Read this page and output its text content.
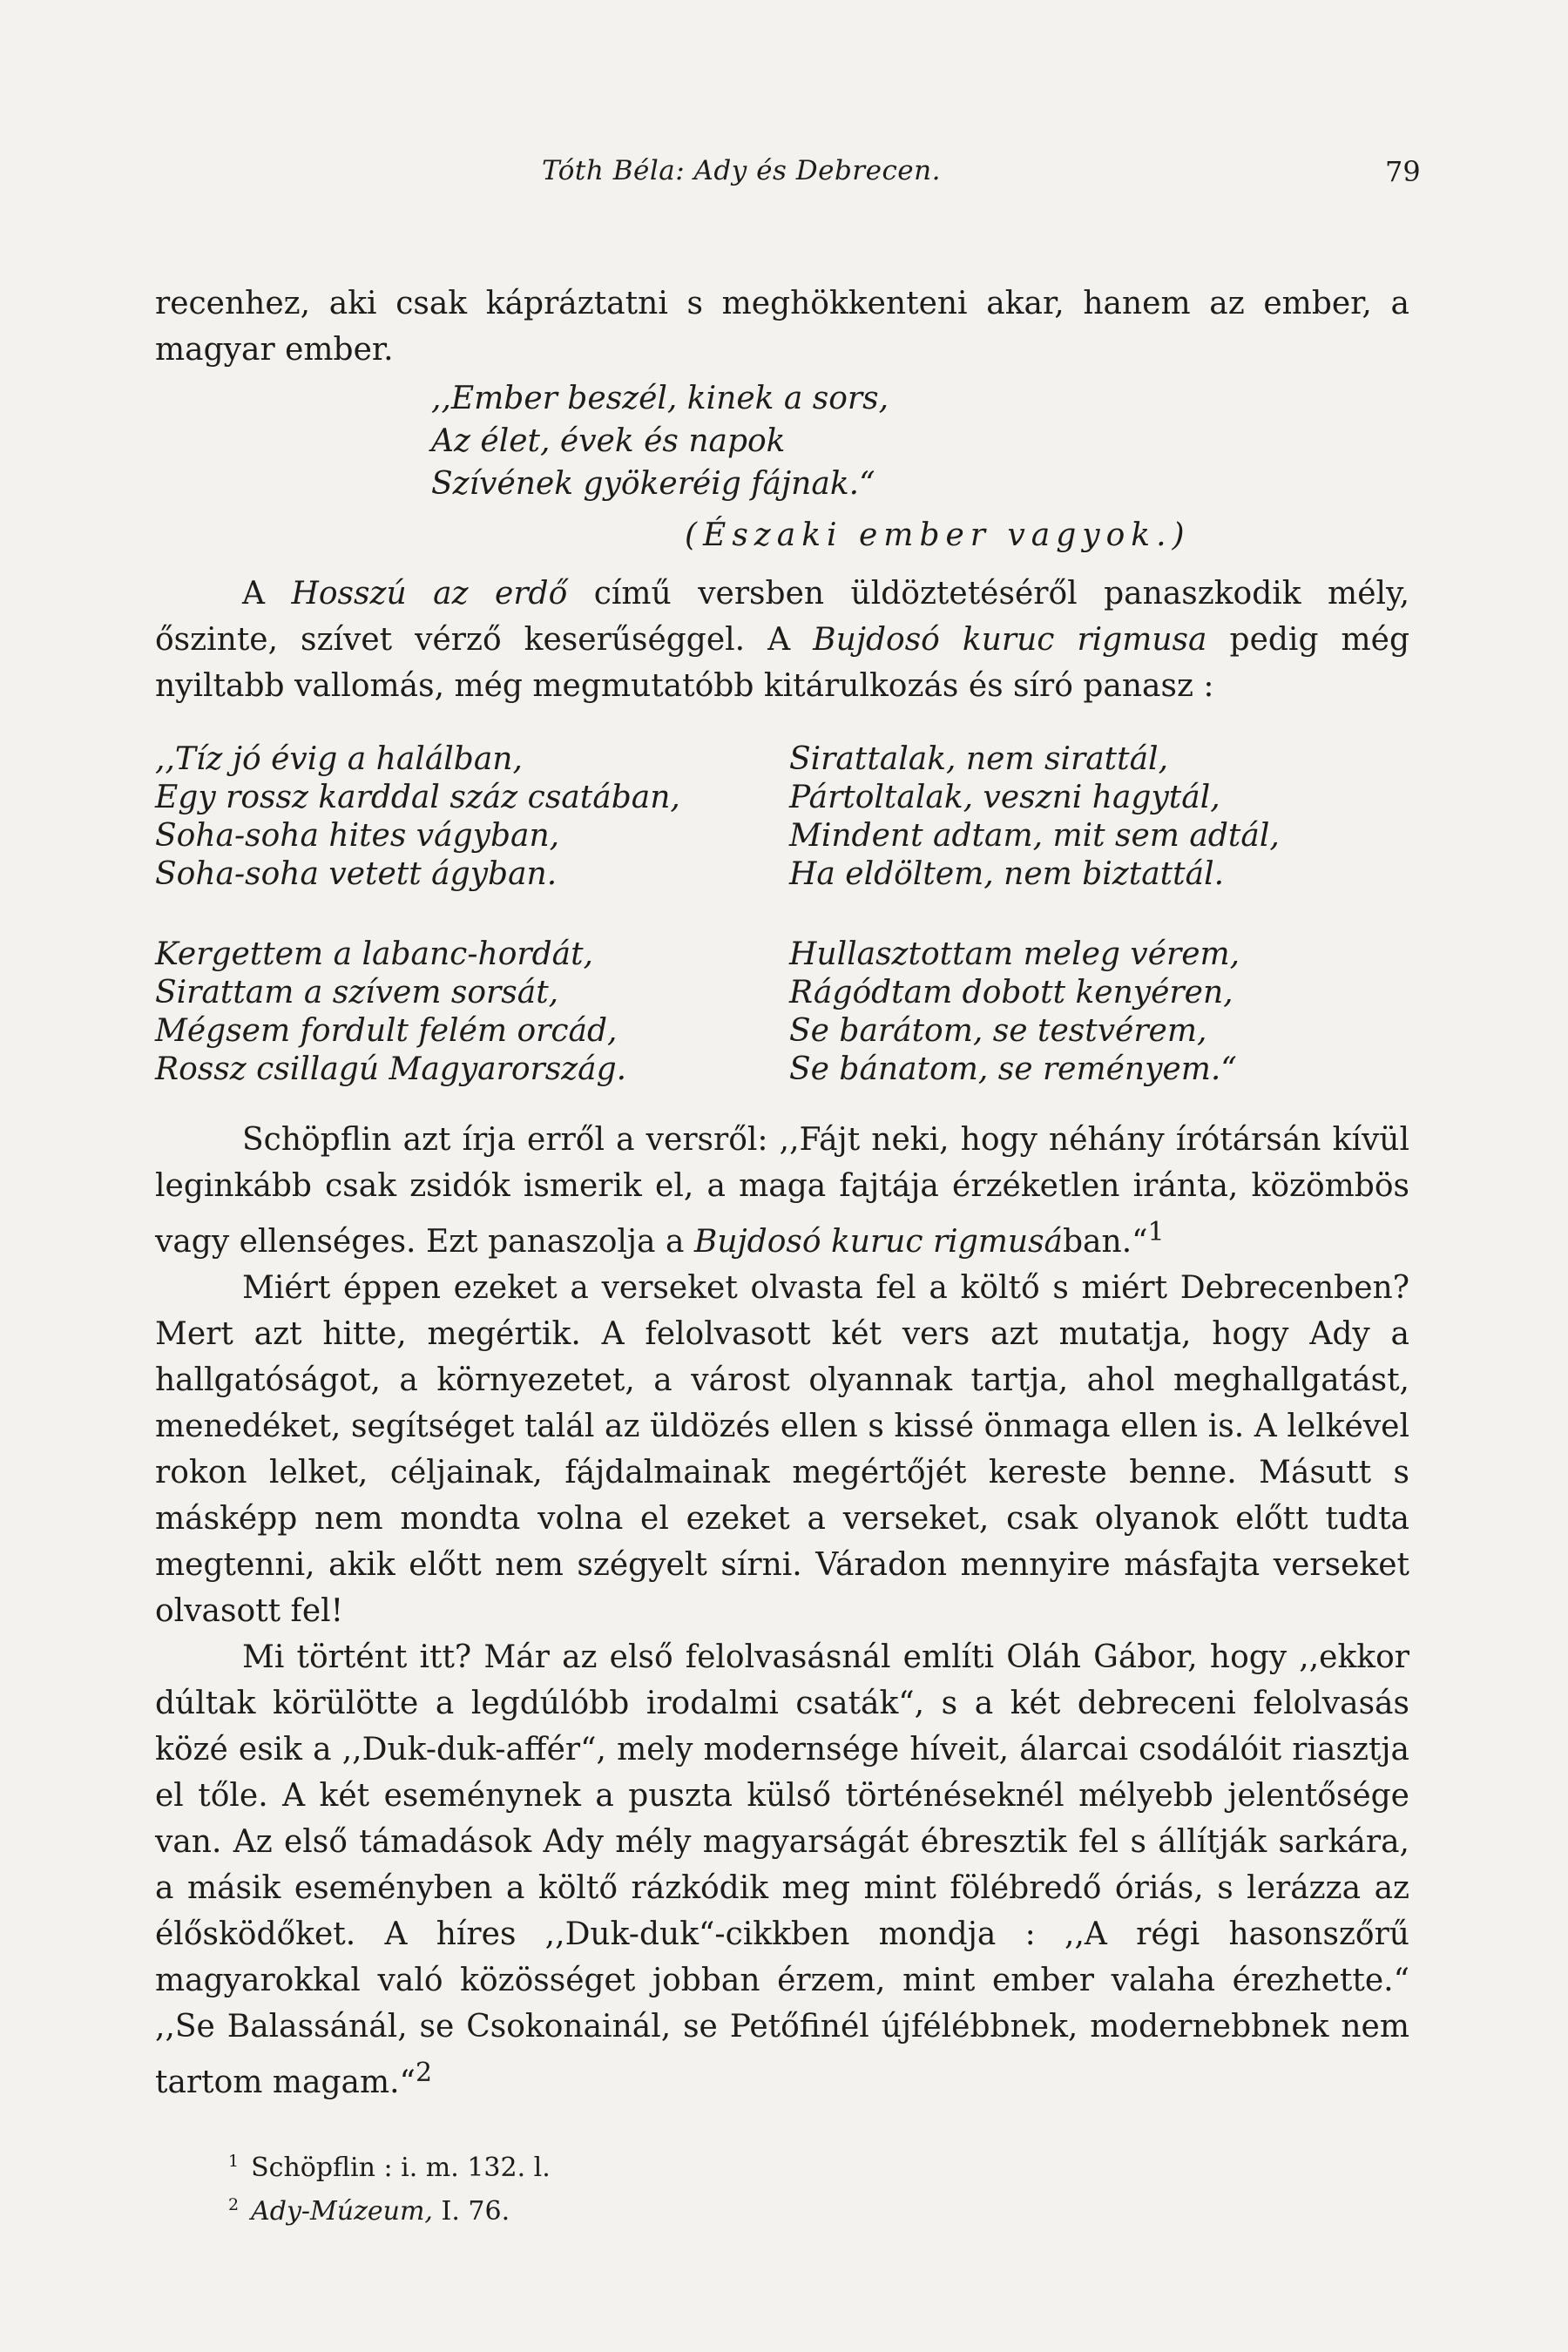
Tóth Béla: Ady és Debrecen.	79

recenhez, aki csak kápráztatni s meghökkenteni akar, hanem az ember, a magyar ember.

,,Ember beszél, kinek a sors,
Az élet, évek és napok
Szívének gyökeréig fájnak.“
(Északi ember vagyok.)

A Hosszú az erdő című versben üldöztetéséről panaszkodik mély, őszinte, szívet vérző keserűséggel. A Bujdosó kuruc rigmusa pedig még nyiltabb vallomás, még megmutatóbb kitárulkozás és síró panasz :

,,Tíz jó évig a halálban,
Egy rossz karddal száz csatában,
Soha-soha hites vágyban,
Soha-soha vetett ágyban.
Sirattalak, nem sirattál,
Pártoltalak, veszni hagytál,
Mindent adtam, mit sem adtál,
Ha eldöltem, nem biztattál.
Kergettem a labanc-hordát,
Sirattam a szívem sorsát,
Mégsem fordult felém orcád,
Rossz csillagú Magyarország.
Hullasztottam meleg vérem,
Rágódtam dobott kenyéren,
Se barátom, se testvérem,
Se bánatom, se reményem.“

Schöpflin azt írja erről a versről: ,,Fájt neki, hogy néhány írótársán kívül leginkább csak zsidók ismerik el, a maga fajtája érzéketlen iránta, közömbös vagy ellenséges. Ezt panaszolja a Bujdosó kuruc rigmusában.“$^1$

Miért éppen ezeket a verseket olvasta fel a költő s miért Debrecenben? Mert azt hitte, megértik. A felolvasott két vers azt mutatja, hogy Ady a hallgatóságot, a környezetet, a várost olyannak tartja, ahol meghallgatást, menedéket, segítséget talál az üldözés ellen s kissé önmaga ellen is. A lelkével rokon lelket, céljainak, fájdalmainak megértőjét kereste benne. Másutt s másképp nem mondta volna el ezeket a verseket, csak olyanok előtt tudta megtenni, akik előtt nem szégyelt sírni. Váradon mennyire másfajta verseket olvasott fel!

Mi történt itt? Már az első felolvasásnál említi Oláh Gábor, hogy ,,ekkor dúltak körülötte a legdúlóbb irodalmi csaták“, s a két debreceni felolvasás közé esik a ,,Duk-duk-affér“, mely modernsége híveit, álarcai csodálóit riasztja el tőle. A két eseménynek a puszta külső történéseknél mélyebb jelentősége van. Az első támadások Ady mély magyarságát ébresztik fel s állítják sarkára, a másik eseményben a költő rázkódik meg mint fölébredő óriás, s lerázza az élősködőket. A híres ,,Duk-duk“-cikkben mondja : ,,A régi hasonszőrű magyarokkal való közösséget jobban érzem, mint ember valaha érezhette.“ ,,Se Balassánál, se Csokonainál, se Petőfinél újfélébbnek, modernebbnek nem tartom magam.“$^2$

$^1$ Schöpflin : i. m. 132. l.
$^2$ Ady-Múzeum, I. 76.
